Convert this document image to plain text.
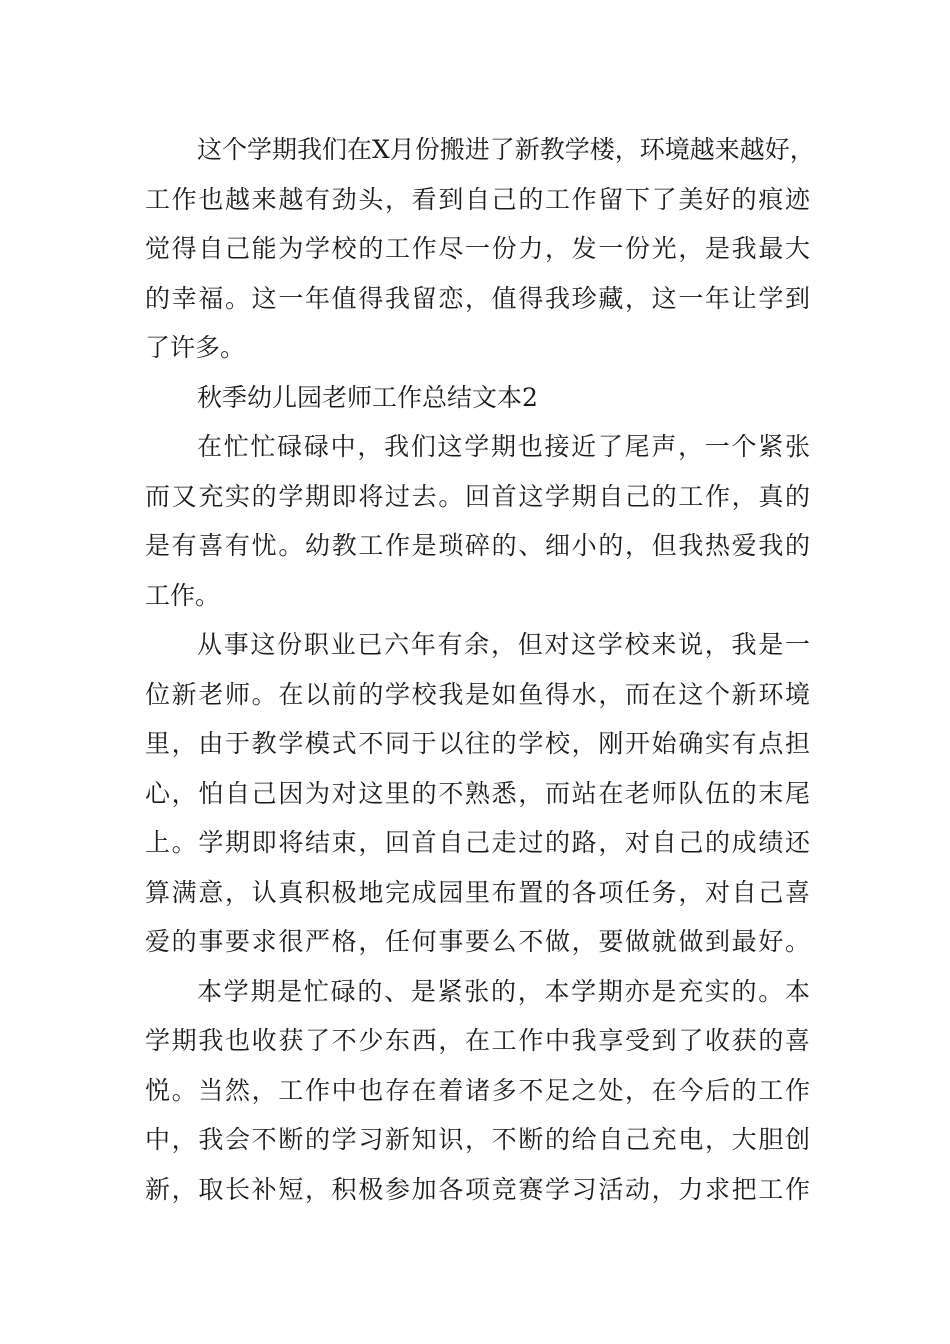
这个学期我们在X月份搬进了新教学楼，环境越来越好，
工作也越来越有劲头，看到自己的工作留下了美好的痕迹
觉得自己能为学校的工作尽一份力，发一份光，是我最大
的幸福。这一年值得我留恋，值得我珍藏，这一年让学到
了许多。
秋季幼儿园老师工作总结文本2
在忙忙碌碌中，我们这学期也接近了尾声，一个紧张
而又充实的学期即将过去。回首这学期自己的工作，真的
是有喜有忧。幼教工作是琐碎的、细小的，但我热爱我的
工作。
从事这份职业已六年有余，但对这学校来说，我是一
位新老师。在以前的学校我是如鱼得水，而在这个新环境
里，由于教学模式不同于以往的学校，刚开始确实有点担
心，怕自己因为对这里的不熟悉，而站在老师队伍的末尾
上。学期即将结束，回首自己走过的路，对自己的成绩还
算满意，认真积极地完成园里布置的各项任务，对自己喜
爱的事要求很严格，任何事要么不做，要做就做到最好。
本学期是忙碌的、是紧张的，本学期亦是充实的。本
学期我也收获了不少东西，在工作中我享受到了收获的喜
悦。当然，工作中也存在着诸多不足之处，在今后的工作
中，我会不断的学习新知识，不断的给自己充电，大胆创
新，取长补短，积极参加各项竞赛学习活动，力求把工作
